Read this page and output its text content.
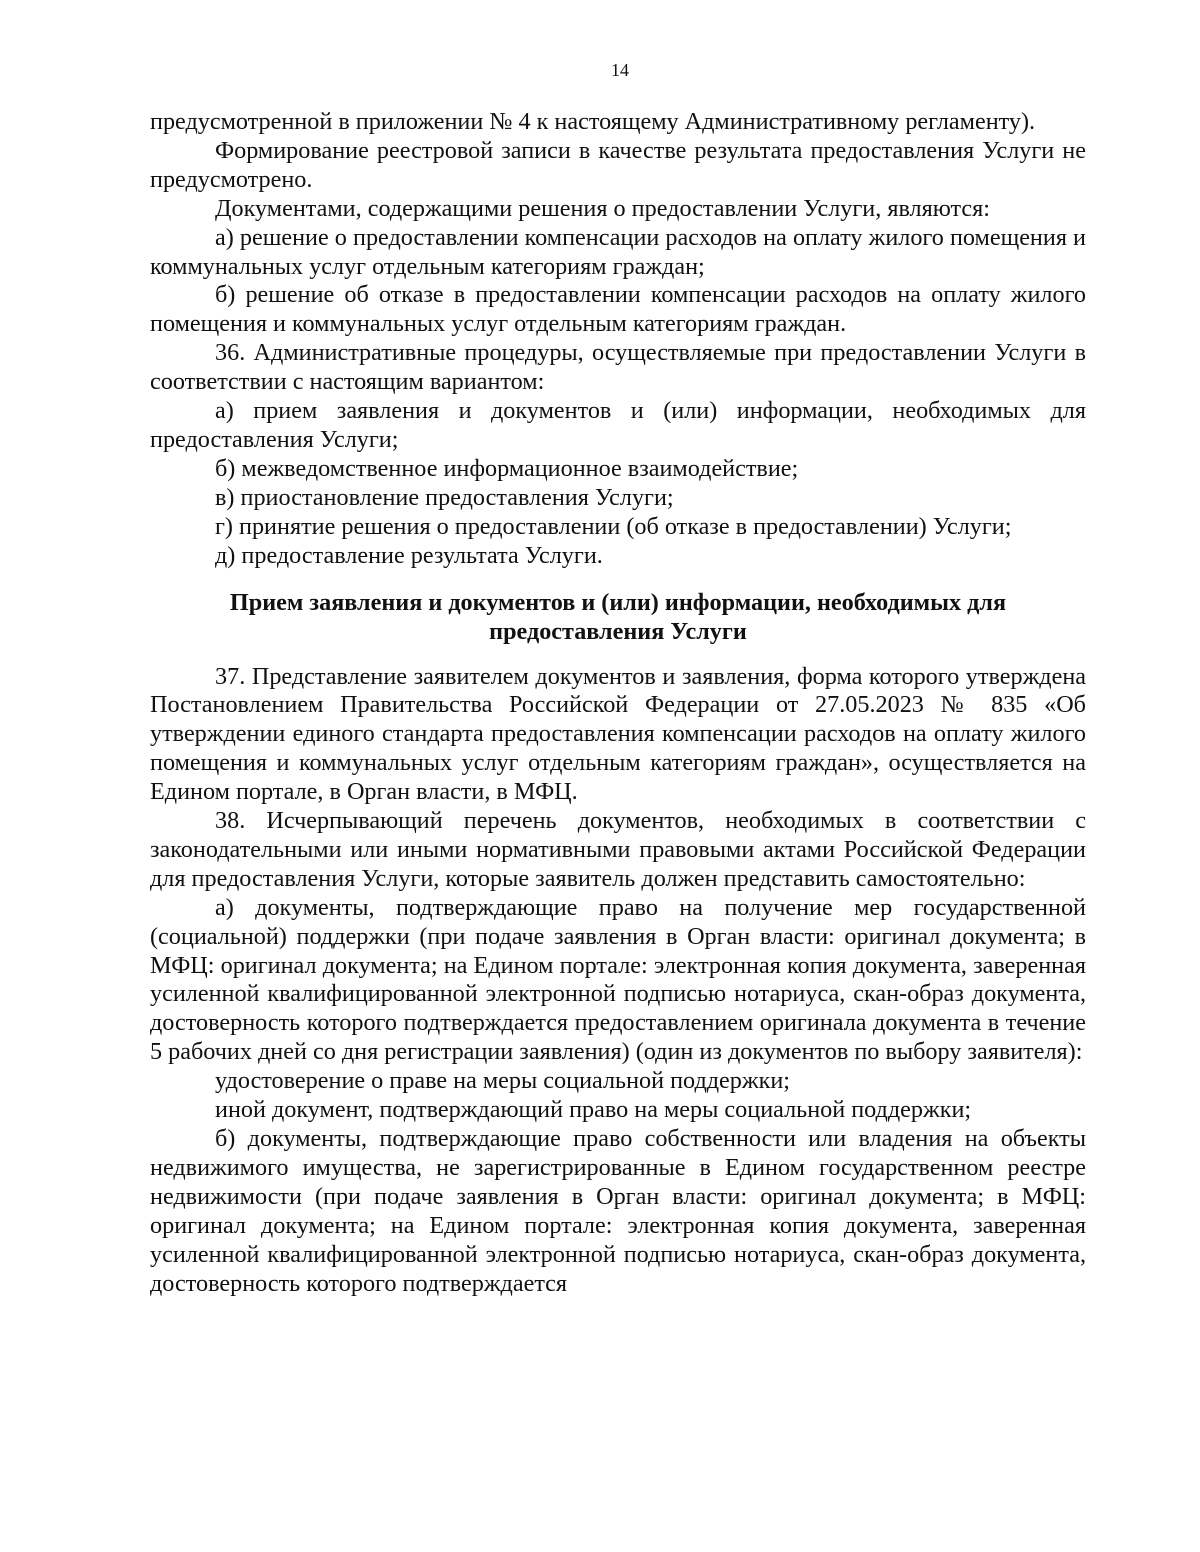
14

предусмотренной в приложении № 4 к настоящему Административному регламенту).

Формирование реестровой записи в качестве результата предоставления Услуги не предусмотрено.

Документами, содержащими решения о предоставлении Услуги, являются:

а) решение о предоставлении компенсации расходов на оплату жилого помещения и коммунальных услуг отдельным категориям граждан;

б) решение об отказе в предоставлении компенсации расходов на оплату жилого помещения и коммунальных услуг отдельным категориям граждан.

36. Административные процедуры, осуществляемые при предоставлении Услуги в соответствии с настоящим вариантом:

а) прием заявления и документов и (или) информации, необходимых для предоставления Услуги;

б) межведомственное информационное взаимодействие;

в) приостановление предоставления Услуги;

г) принятие решения о предоставлении (об отказе в предоставлении) Услуги;

д) предоставление результата Услуги.

Прием заявления и документов и (или) информации, необходимых для
предоставления Услуги

37. Представление заявителем документов и заявления, форма которого утверждена Постановлением Правительства Российской Федерации от 27.05.2023 № 835 «Об утверждении единого стандарта предоставления компенсации расходов на оплату жилого помещения и коммунальных услуг отдельным категориям граждан», осуществляется на Едином портале, в Орган власти, в МФЦ.

38. Исчерпывающий перечень документов, необходимых в соответствии с законодательными или иными нормативными правовыми актами Российской Федерации для предоставления Услуги, которые заявитель должен представить самостоятельно:

а) документы, подтверждающие право на получение мер государственной (социальной) поддержки (при подаче заявления в Орган власти: оригинал документа; в МФЦ: оригинал документа; на Едином портале: электронная копия документа, заверенная усиленной квалифицированной электронной подписью нотариуса, скан-образ документа, достоверность которого подтверждается предоставлением оригинала документа в течение 5 рабочих дней со дня регистрации заявления) (один из документов по выбору заявителя):

удостоверение о праве на меры социальной поддержки;

иной документ, подтверждающий право на меры социальной поддержки;

б) документы, подтверждающие право собственности или владения на объекты недвижимого имущества, не зарегистрированные в Едином государственном реестре недвижимости (при подаче заявления в Орган власти: оригинал документа; в МФЦ: оригинал документа; на Едином портале: электронная копия документа, заверенная усиленной квалифицированной электронной подписью нотариуса, скан-образ документа, достоверность которого подтверждается
